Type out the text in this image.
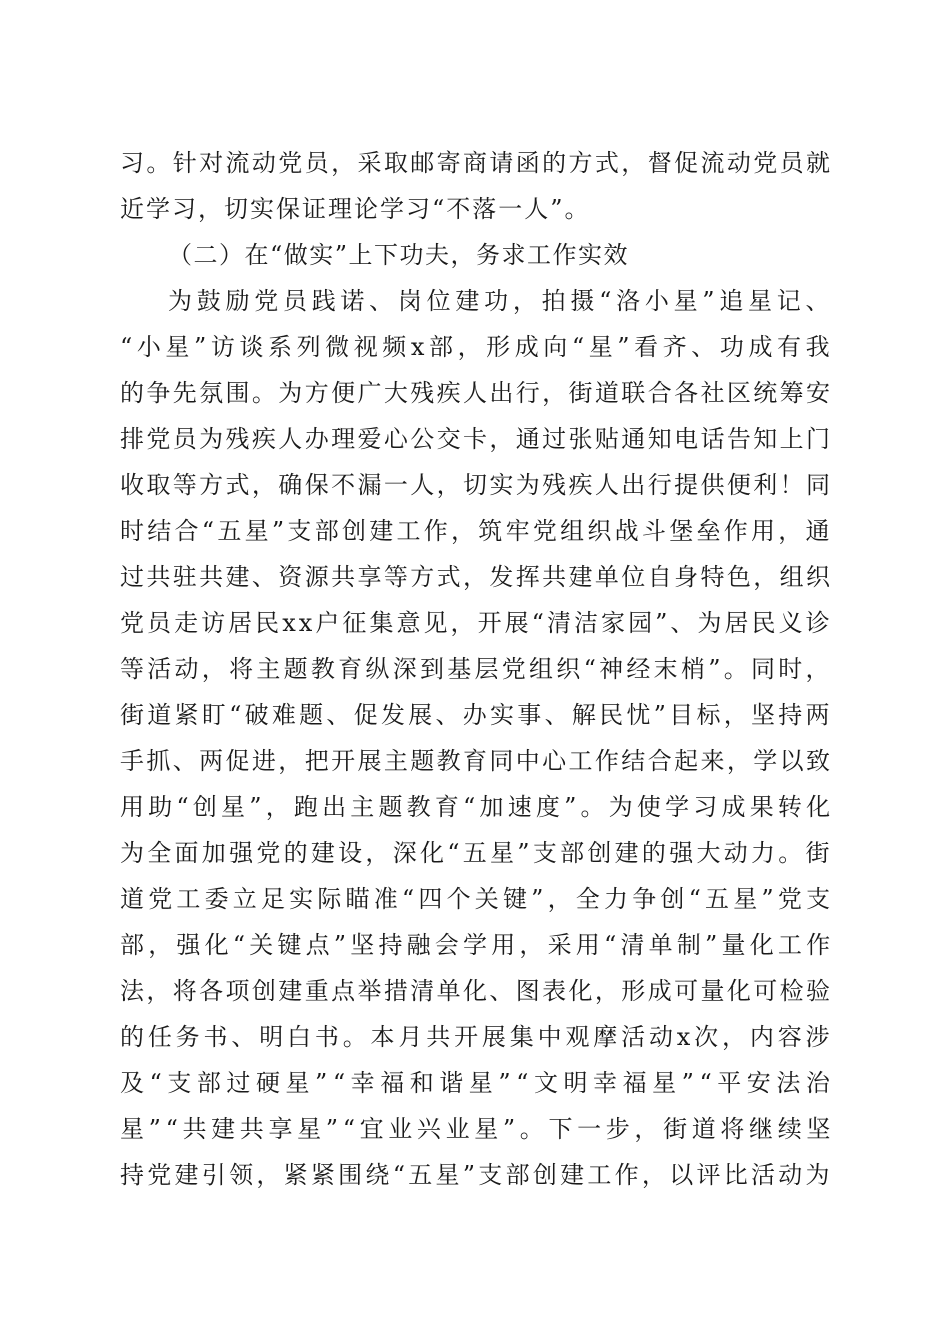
习。针对流动党员，采取邮寄商请函的方式，督促流动党员就
近学习，切实保证理论学习“不落一人”。
（二）在“做实”上下功夫，务求工作实效
为鼓励党员践诺、岗位建功，拍摄“洛小星”追星记、
“小星”访谈系列微视频x部，形成向“星”看齐、功成有我
的争先氛围。为方便广大残疾人出行，街道联合各社区统筹安
排党员为残疾人办理爱心公交卡，通过张贴通知电话告知上门
收取等方式，确保不漏一人，切实为残疾人出行提供便利！同
时结合“五星”支部创建工作，筑牢党组织战斗堡垒作用，通
过共驻共建、资源共享等方式，发挥共建单位自身特色，组织
党员走访居民xx户征集意见，开展“清洁家园”、为居民义诊
等活动，将主题教育纵深到基层党组织“神经末梢”。同时，
街道紧盯“破难题、促发展、办实事、解民忧”目标，坚持两
手抓、两促进，把开展主题教育同中心工作结合起来，学以致
用助“创星”，跑出主题教育“加速度”。为使学习成果转化
为全面加强党的建设，深化“五星”支部创建的强大动力。街
道党工委立足实际瞄准“四个关键”，全力争创“五星”党支
部，强化“关键点”坚持融会学用，采用“清单制”量化工作
法，将各项创建重点举措清单化、图表化，形成可量化可检验
的任务书、明白书。本月共开展集中观摩活动x次，内容涉
及“支部过硬星”“幸福和谐星”“文明幸福星”“平安法治
星”“共建共享星”“宜业兴业星”。下一步，街道将继续坚
持党建引领，紧紧围绕“五星”支部创建工作，以评比活动为
